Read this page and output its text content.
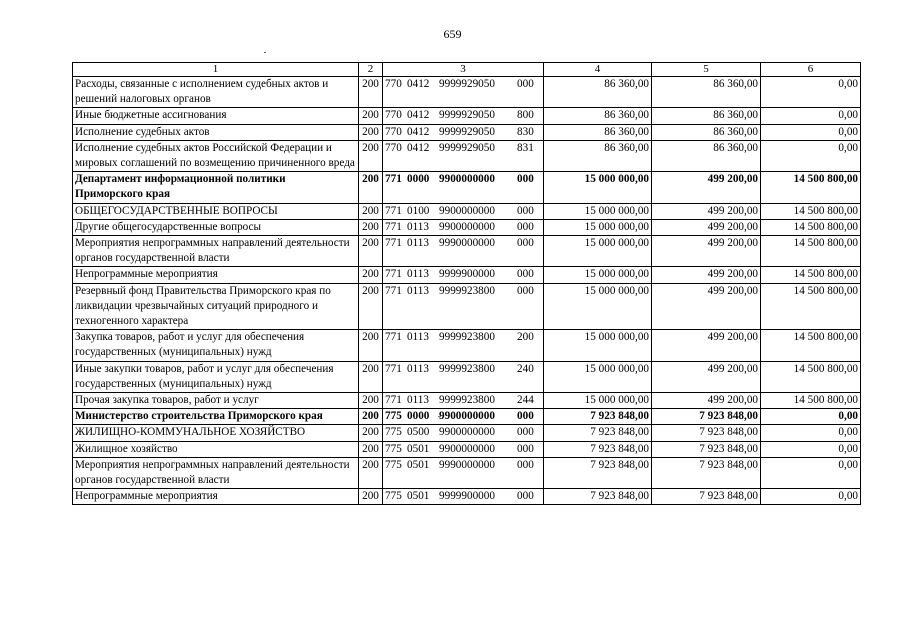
659
1	2	3	4	5	6
Расходы, связанные с исполнением судебных актов и решений налоговых органов	200	770 0412 9999929050 000	86 360,00	86 360,00	0,00
Иные бюджетные ассигнования	200	770 0412 9999929050 800	86 360,00	86 360,00	0,00
Исполнение судебных актов	200	770 0412 9999929050 830	86 360,00	86 360,00	0,00
Исполнение судебных актов Российской Федерации и мировых соглашений по возмещению причиненного вреда	200	770 0412 9999929050 831	86 360,00	86 360,00	0,00
Департамент информационной политики Приморского края	200	771 0000 9900000000 000	15 000 000,00	499 200,00	14 500 800,00
ОБЩЕГОСУДАРСТВЕННЫЕ ВОПРОСЫ	200	771 0100 9900000000 000	15 000 000,00	499 200,00	14 500 800,00
Другие общегосударственные вопросы	200	771 0113 9900000000 000	15 000 000,00	499 200,00	14 500 800,00
Мероприятия непрограммных направлений деятельности органов государственной власти	200	771 0113 9990000000 000	15 000 000,00	499 200,00	14 500 800,00
Непрограммные мероприятия	200	771 0113 9999900000 000	15 000 000,00	499 200,00	14 500 800,00
Резервный фонд Правительства Приморского края по ликвидации чрезвычайных ситуаций природного и техногенного характера	200	771 0113 9999923800 000	15 000 000,00	499 200,00	14 500 800,00
Закупка товаров, работ и услуг для обеспечения государственных (муниципальных) нужд	200	771 0113 9999923800 200	15 000 000,00	499 200,00	14 500 800,00
Иные закупки товаров, работ и услуг для обеспечения государственных (муниципальных) нужд	200	771 0113 9999923800 240	15 000 000,00	499 200,00	14 500 800,00
Прочая закупка товаров, работ и услуг	200	771 0113 9999923800 244	15 000 000,00	499 200,00	14 500 800,00
Министерство строительства Приморского края	200	775 0000 9900000000 000	7 923 848,00	7 923 848,00	0,00
ЖИЛИЩНО-КОММУНАЛЬНОЕ ХОЗЯЙСТВО	200	775 0500 9900000000 000	7 923 848,00	7 923 848,00	0,00
Жилищное хозяйство	200	775 0501 9900000000 000	7 923 848,00	7 923 848,00	0,00
Мероприятия непрограммных направлений деятельности органов государственной власти	200	775 0501 9990000000 000	7 923 848,00	7 923 848,00	0,00
Непрограммные мероприятия	200	775 0501 9999900000 000	7 923 848,00	7 923 848,00	0,00
